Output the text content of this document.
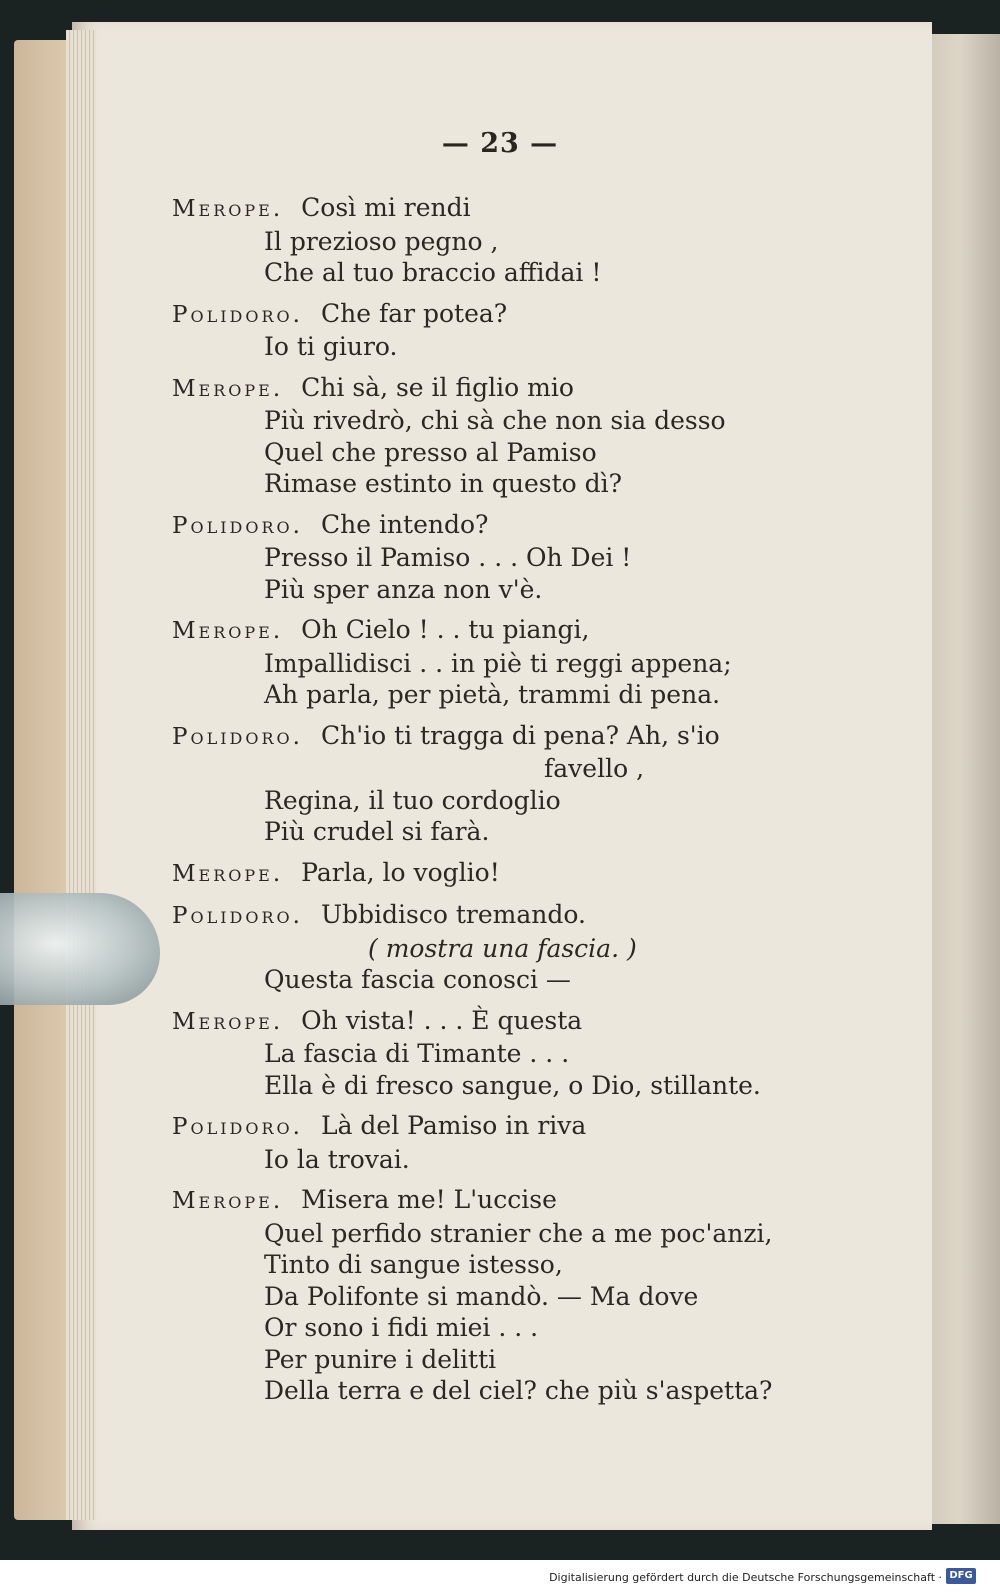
— 23 —
Merope. Così mi rendi
Il prezioso pegno ,
Che al tuo braccio affidai !
Polidoro. Che far potea?
Io ti giuro.
Merope. Chi sà, se il figlio mio
Più rivedrò, chi sà che non sia desso
Quel che presso al Pamiso
Rimase estinto in questo dì?
Polidoro. Che intendo?
Presso il Pamiso . . . Oh Dei !
Più sper anza non v'è.
Merope. Oh Cielo ! . . tu piangi,
Impallidisci . . in piè ti reggi appena;
Ah parla, per pietà, trammi di pena.
Polidoro. Ch'io ti tragga di pena? Ah, s'io
favello ,
Regina, il tuo cordoglio
Più crudel si farà.
Merope. Parla, lo voglio!
Polidoro. Ubbidisco tremando.
( mostra una fascia. )
Questa fascia conosci —
Merope. Oh vista! . . . È questa
La fascia di Timante . . .
Ella è di fresco sangue, o Dio, stillante.
Polidoro. Là del Pamiso in riva
Io la trovai.
Merope. Misera me! L'uccise
Quel perfido stranier che a me poc'anzi,
Tinto di sangue istesso,
Da Polifonte si mandò. — Ma dove
Or sono i fidi miei . . .
Per punire i delitti
Della terra e del ciel? che più s'aspetta?
Digitalisierung gefördert durch die Deutsche Forschungsgemeinschaft · DFG
